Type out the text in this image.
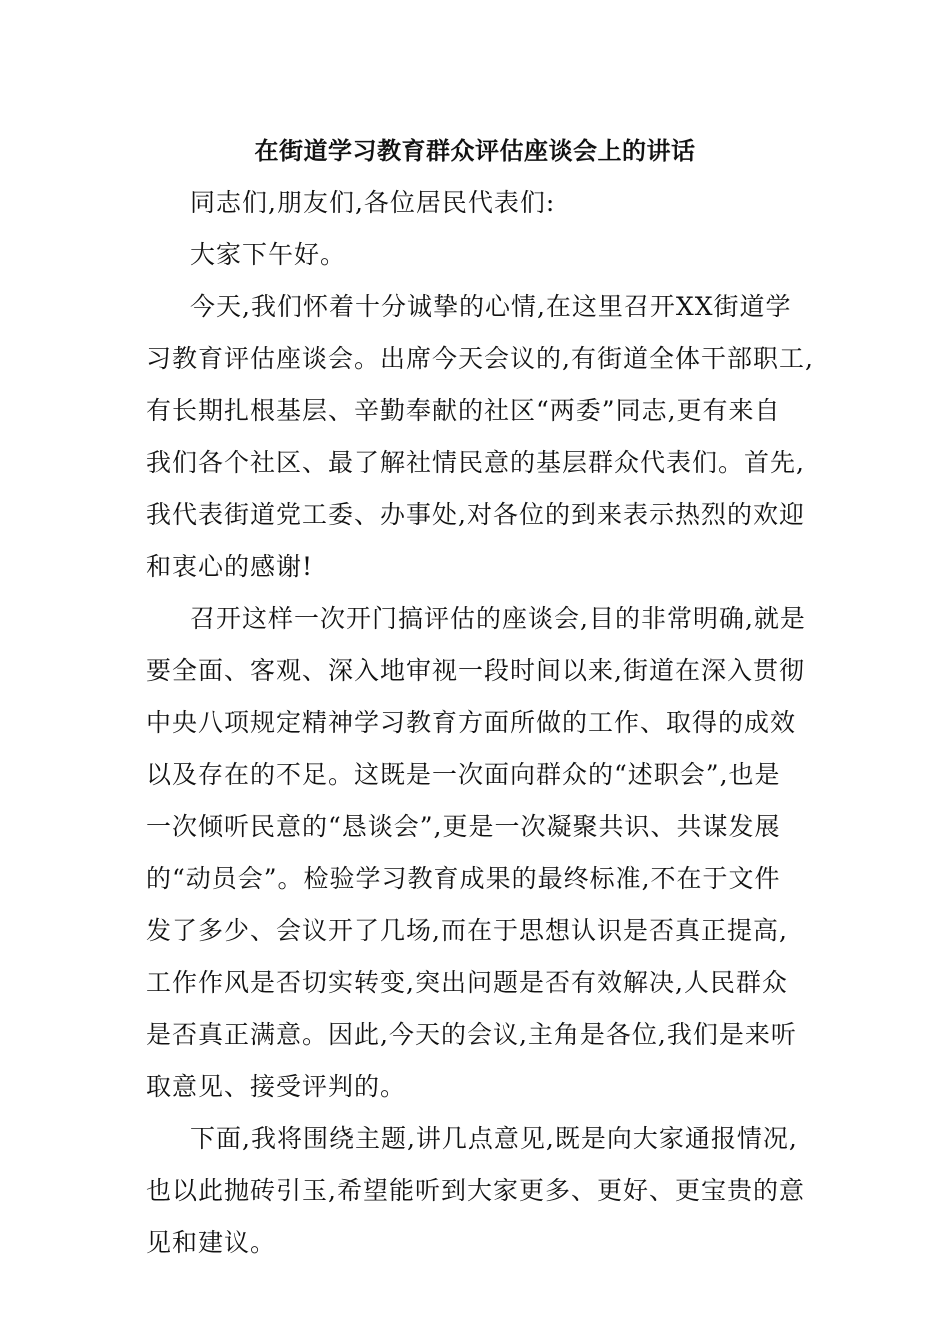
在街道学习教育群众评估座谈会上的讲话
同志们,朋友们,各位居民代表们:
大家下午好。
今天,我们怀着十分诚挚的心情,在这里召开XX街道学
习教育评估座谈会。出席今天会议的,有街道全体干部职工,
有长期扎根基层、辛勤奉献的社区“两委”同志,更有来自
我们各个社区、最了解社情民意的基层群众代表们。首先,
我代表街道党工委、办事处,对各位的到来表示热烈的欢迎
和衷心的感谢!
召开这样一次开门搞评估的座谈会,目的非常明确,就是
要全面、客观、深入地审视一段时间以来,街道在深入贯彻
中央八项规定精神学习教育方面所做的工作、取得的成效
以及存在的不足。这既是一次面向群众的“述职会”,也是
一次倾听民意的“恳谈会”,更是一次凝聚共识、共谋发展
的“动员会”。检验学习教育成果的最终标准,不在于文件
发了多少、会议开了几场,而在于思想认识是否真正提高,
工作作风是否切实转变,突出问题是否有效解决,人民群众
是否真正满意。因此,今天的会议,主角是各位,我们是来听
取意见、接受评判的。
下面,我将围绕主题,讲几点意见,既是向大家通报情况,
也以此抛砖引玉,希望能听到大家更多、更好、更宝贵的意
见和建议。
